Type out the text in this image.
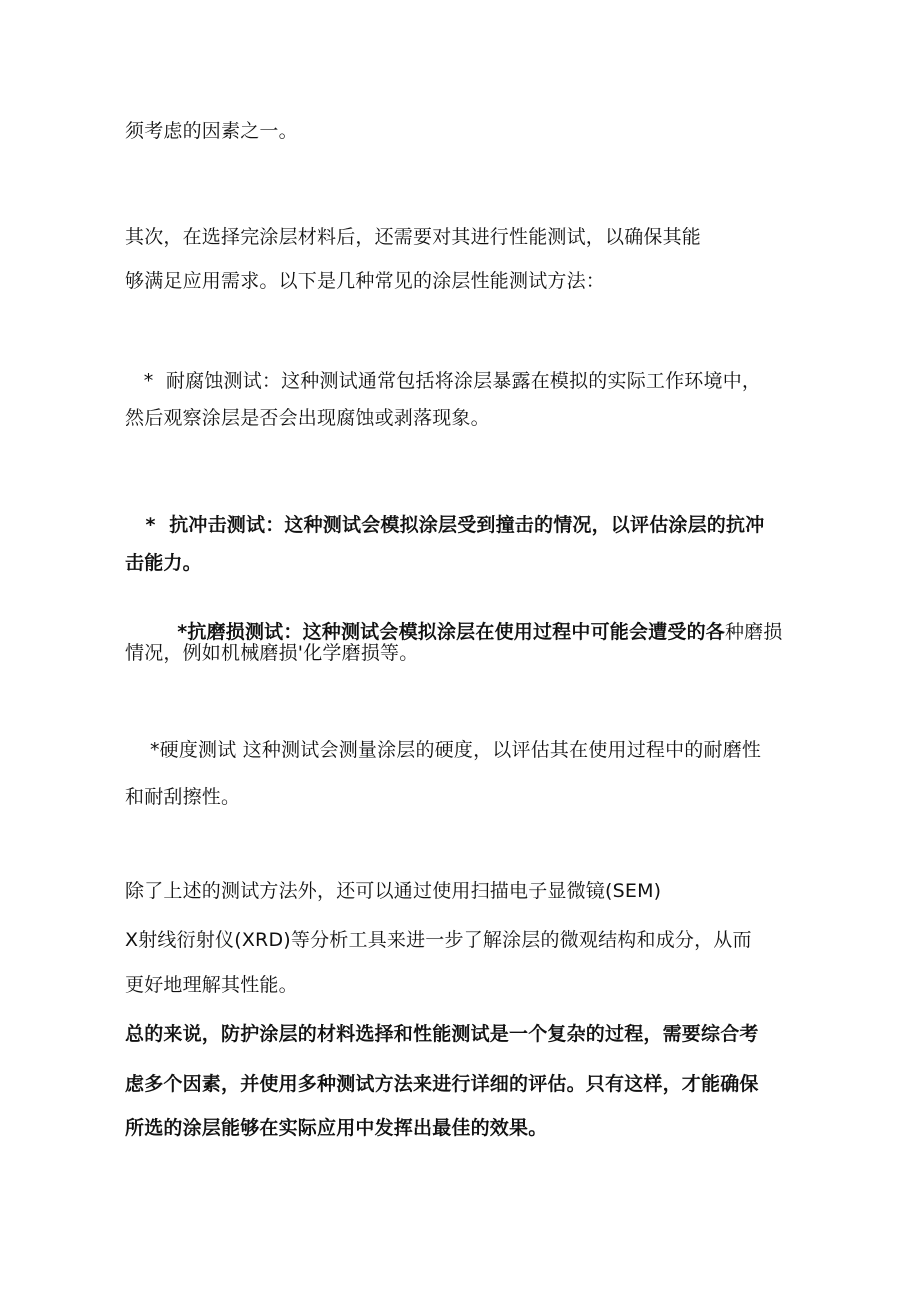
须考虑的因素之一。
其次，在选择完涂层材料后，还需要对其进行性能测试，以确保其能
够满足应用需求。以下是几种常见的涂层性能测试方法：
*  耐腐蚀测试：这种测试通常包括将涂层暴露在模拟的实际工作环境中，
然后观察涂层是否会出现腐蚀或剥落现象。
*  抗冲击测试：这种测试会模拟涂层受到撞击的情况，以评估涂层的抗冲
击能力。

*抗磨损测试：这种测试会模拟涂层在使用过程中可能会遭受的各种磨损

情况，例如机械磨损'化学磨损等。
*硬度测试 这种测试会测量涂层的硬度，以评估其在使用过程中的耐磨性
和耐刮擦性。
除了上述的测试方法外，还可以通过使用扫描电子显微镜(SEM)
X射线衍射仪(XRD)等分析工具来进一步了解涂层的微观结构和成分，从而
更好地理解其性能。
总的来说，防护涂层的材料选择和性能测试是一个复杂的过程，需要综合考
虑多个因素，并使用多种测试方法来进行详细的评估。只有这样，才能确保
所选的涂层能够在实际应用中发挥出最佳的效果。
